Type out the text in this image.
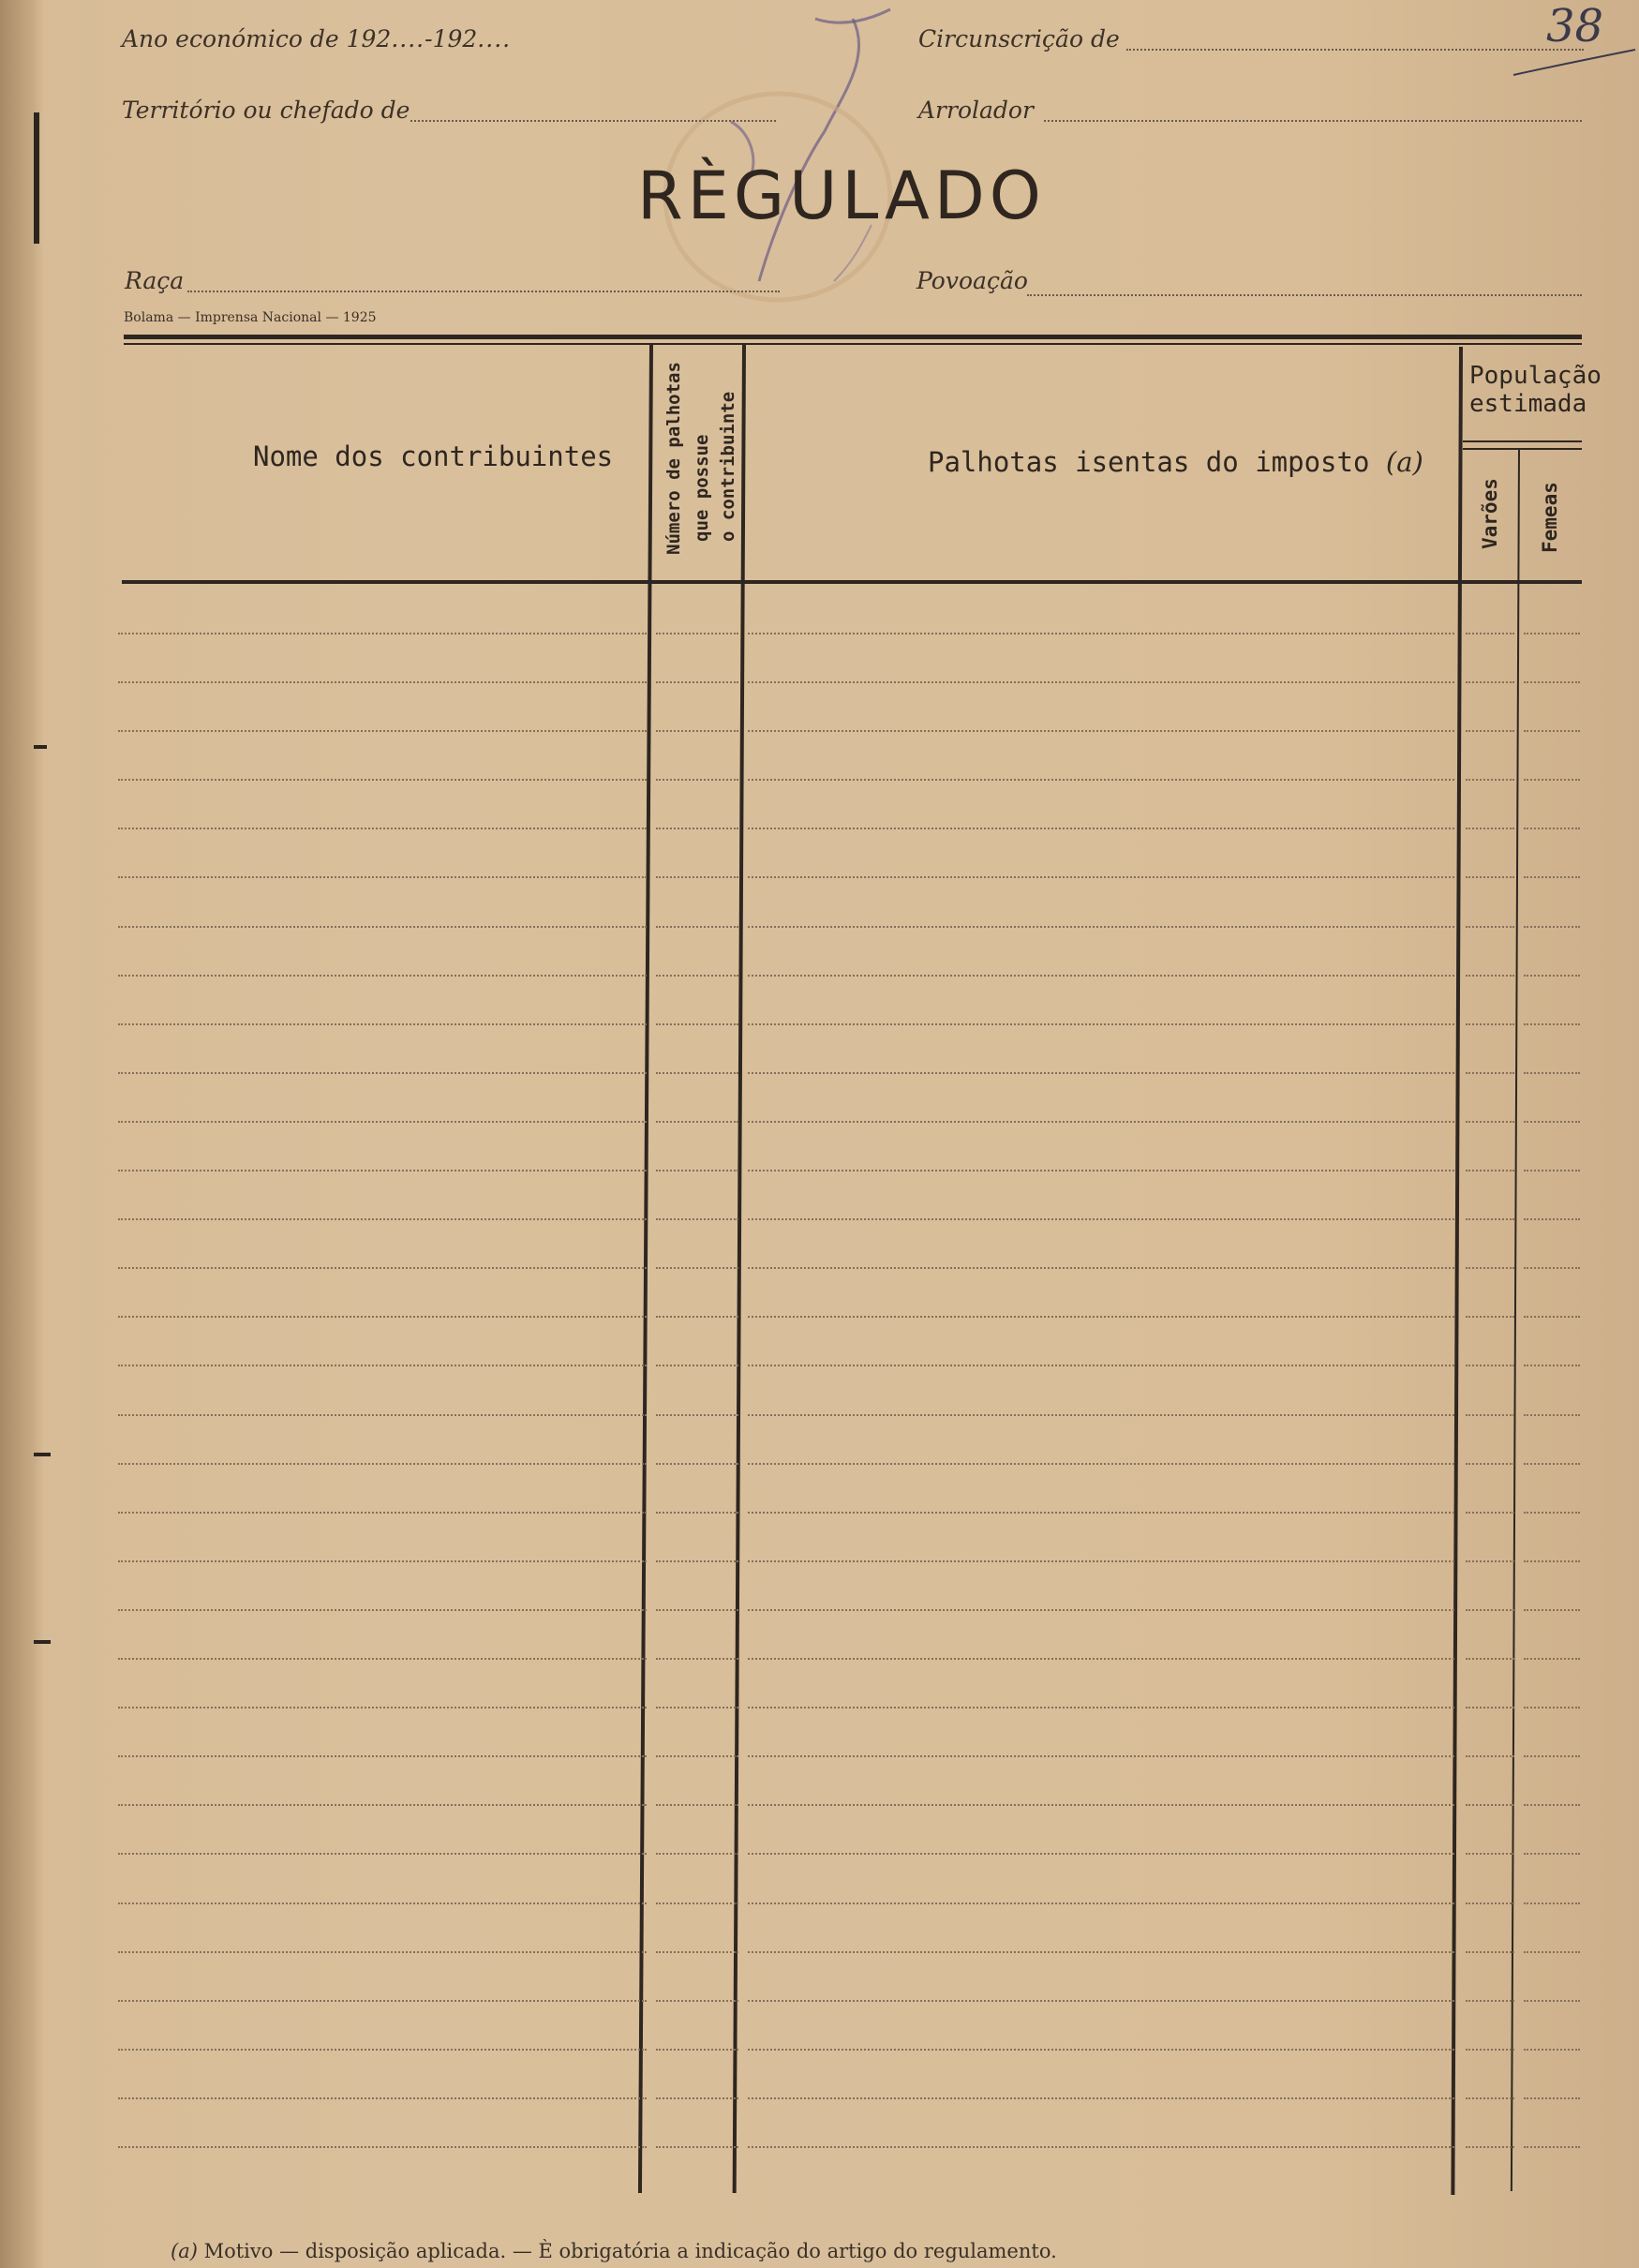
38
Ano económico de 192....-192....	Circunscrição de
Território ou chefado de	Arrolador
RÈGULADO
Raça	Povoação
Bolama — Imprensa Nacional — 1925
Nome dos contribuintes	Número de palhotas que possue o contribuinte	Palhotas isentas do imposto (a)
População
estimada
Varões Femeas
(a) Motivo — disposição aplicada. — È obrigatória a indicação do artigo do regulamento.
